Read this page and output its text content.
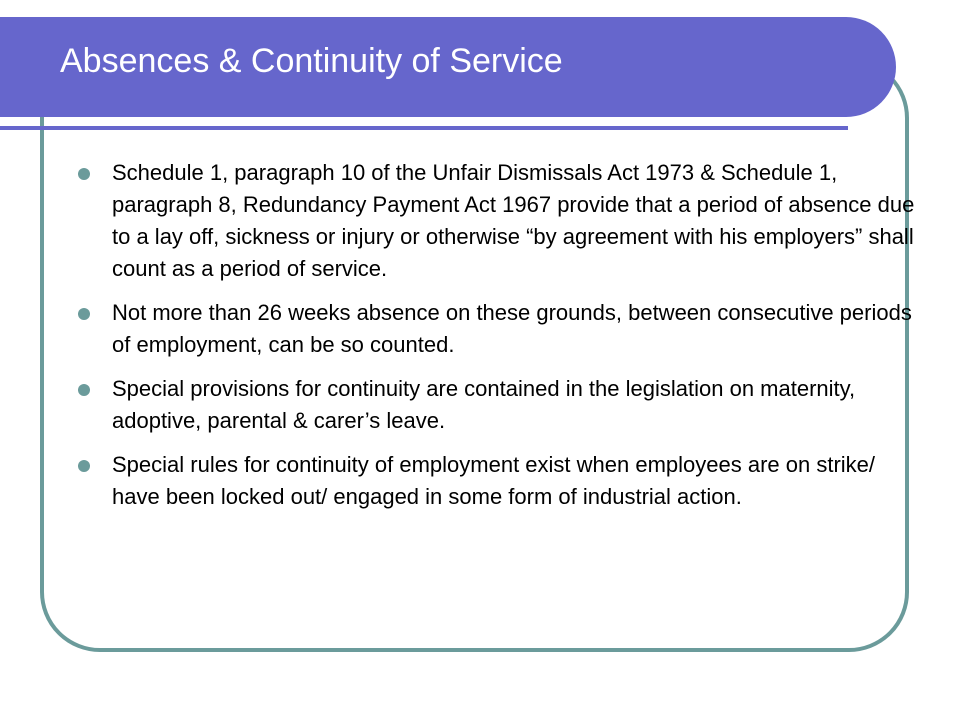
Absences & Continuity of Service
Schedule 1, paragraph 10 of the Unfair Dismissals Act 1973 & Schedule 1, paragraph 8, Redundancy Payment Act 1967 provide that a period of absence due to a lay off, sickness or injury or otherwise “by agreement with his employers” shall count as a period of service.
Not more than 26 weeks absence on these grounds, between consecutive periods of employment, can be so counted.
Special provisions for continuity are contained in the legislation on maternity, adoptive, parental & carer’s leave.
Special rules for continuity of employment exist when employees are on strike/ have been locked out/ engaged in some form of industrial action.
